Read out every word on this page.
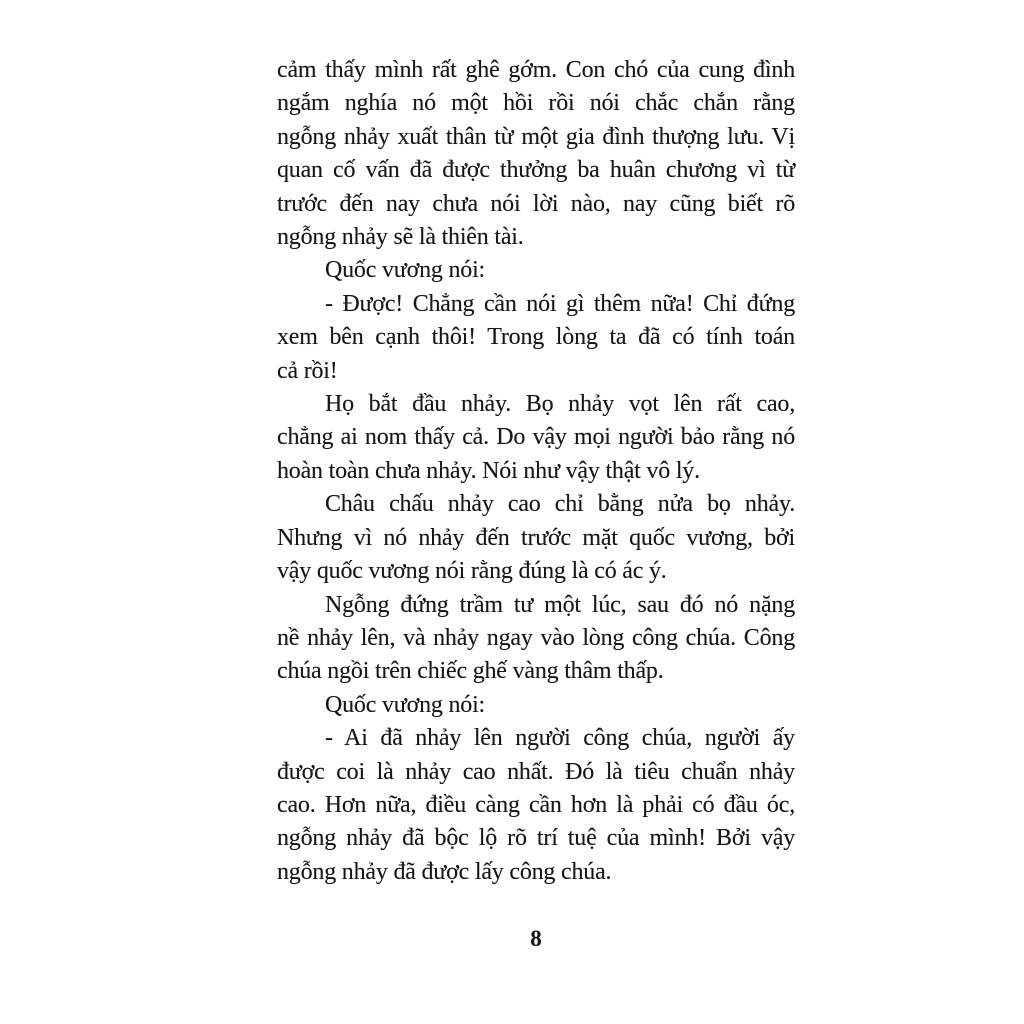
cảm thấy mình rất ghê gớm. Con chó của cung đình
ngắm nghía nó một hồi rồi nói chắc chắn rằng
ngỗng nhảy xuất thân từ một gia đình thượng lưu. Vị
quan cố vấn đã được thưởng ba huân chương vì từ
trước đến nay chưa nói lời nào, nay cũng biết rõ
ngỗng nhảy sẽ là thiên tài.
Quốc vương nói:
- Được! Chẳng cần nói gì thêm nữa! Chỉ đứng
xem bên cạnh thôi! Trong lòng ta đã có tính toán
cả rồi!
Họ bắt đầu nhảy. Bọ nhảy vọt lên rất cao,
chẳng ai nom thấy cả. Do vậy mọi người bảo rằng nó
hoàn toàn chưa nhảy. Nói như vậy thật vô lý.
Châu chấu nhảy cao chỉ bằng nửa bọ nhảy.
Nhưng vì nó nhảy đến trước mặt quốc vương, bởi
vậy quốc vương nói rằng đúng là có ác ý.
Ngỗng đứng trầm tư một lúc, sau đó nó nặng
nề nhảy lên, và nhảy ngay vào lòng công chúa. Công
chúa ngồi trên chiếc ghế vàng thâm thấp.
Quốc vương nói:
- Ai đã nhảy lên người công chúa, người ấy
được coi là nhảy cao nhất. Đó là tiêu chuẩn nhảy
cao. Hơn nữa, điều càng cần hơn là phải có đầu óc,
ngỗng nhảy đã bộc lộ rõ trí tuệ của mình! Bởi vậy
ngỗng nhảy đã được lấy công chúa.
8
